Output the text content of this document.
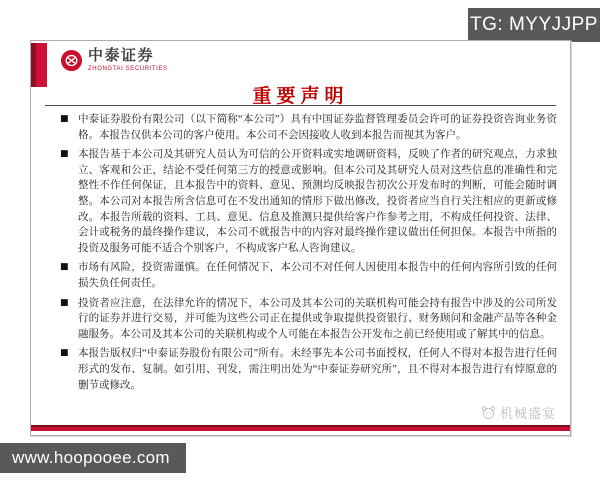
TG: MYYJJPP
中泰证券
ZHONGTAI SECURITIES
重要声明
■ 中泰证券股份有限公司（以下简称“本公司”）具有中国证券监督管理委员会许可的证券投资咨询业务资格。本报告仅供本公司的客户使用。本公司不会因接收人收到本报告而视其为客户。
■ 本报告基于本公司及其研究人员认为可信的公开资料或实地调研资料，反映了作者的研究观点，力求独立、客观和公正，结论不受任何第三方的授意或影响。但本公司及其研究人员对这些信息的准确性和完整性不作任何保证，且本报告中的资料、意见、预测均反映报告初次公开发布时的判断，可能会随时调整。本公司对本报告所含信息可在不发出通知的情形下做出修改，投资者应当自行关注相应的更新或修改。本报告所载的资料、工具、意见、信息及推测只提供给客户作参考之用，不构成任何投资、法律、会计或税务的最终操作建议，本公司不就报告中的内容对最终操作建议做出任何担保。本报告中所指的投资及服务可能不适合个别客户，不构成客户私人咨询建议。
■ 市场有风险，投资需谨慎。在任何情况下，本公司不对任何人因使用本报告中的任何内容所引致的任何损失负任何责任。
■ 投资者应注意，在法律允许的情况下，本公司及其本公司的关联机构可能会持有报告中涉及的公司所发行的证券并进行交易，并可能为这些公司正在提供或争取提供投资银行、财务顾问和金融产品等各种金融服务。本公司及其本公司的关联机构或个人可能在本报告公开发布之前已经使用或了解其中的信息。
■ 本报告版权归“中泰证券股份有限公司”所有。未经事先本公司书面授权，任何人不得对本报告进行任何形式的发布、复制。如引用、刊发，需注明出处为“中泰证券研究所”，且不得对本报告进行有悖原意的删节或修改。
机械盛宴
www.hoopooee.com
